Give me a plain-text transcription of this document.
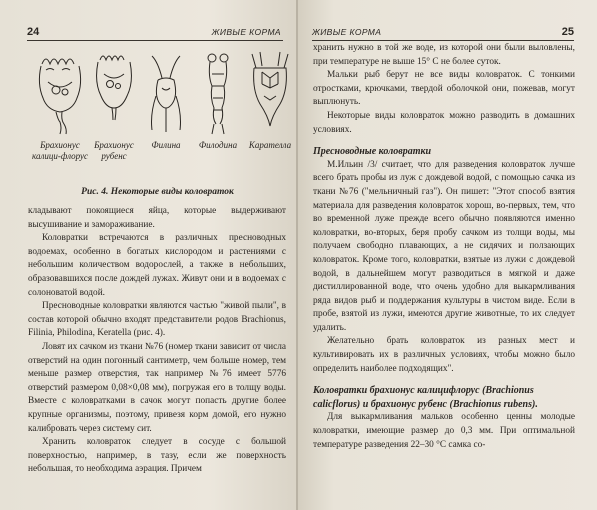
24	ЖИВЫЕ КОРМА
Брахионус калици-флорус
Брахионус рубенс
Филина	Филодина	Карателла
Рис. 4. Некоторые виды коловраток

кладывают покоящиеся яйца, которые выдерживают высушивание и замораживание.

Коловратки встречаются в различных пресноводных водоемах, особенно в богатых кислородом и растениями с небольшим количеством водорослей, а также в небольших, образовавшихся после дождей лужах. Живут они и в водоемах с солоноватой водой.

Пресноводные коловратки являются частью "живой пыли", в состав которой обычно входят представители родов Brachionus, Filinia, Philodina, Keratella (рис. 4).

Ловят их сачком из ткани №76 (номер ткани зависит от числа отверстий на один погонный сантиметр, чем больше номер, тем меньше размер отверстия, так например №76 имеет 5776 отверстий размером 0,08×0,08 мм), погружая его в толщу воды. Вместе с коловратками в сачок могут попасть другие более крупные организмы, поэтому, привезя корм домой, его нужно калибровать через систему сит.

Хранить коловраток следует в сосуде с большой поверхностью, например, в тазу, если же поверхность небольшая, то необходима аэрация. Причем

ЖИВЫЕ КОРМА	25

хранить нужно в той же воде, из которой они были выловлены, при температуре не выше 15° С не более суток.

Мальки рыб берут не все виды коловраток. С тонкими отростками, крючками, твердой оболочкой они, пожевав, могут выплюнуть.

Некоторые виды коловраток можно разводить в домашних условиях.

Пресноводные коловратки

М.Ильин /3/ считает, что для разведения коловраток лучше всего брать пробы из луж с дождевой водой, с помощью сачка из ткани №76 ("мельничный газ"). Он пишет: "Этот способ взятия материала для разведения коловраток хорош, во-первых, тем, что во временной луже прежде всего обычно появляются именно коловратки, во-вторых, беря пробу сачком из толщи воды, мы получаем свободно плавающих, а не сидячих и ползающих коловраток. Кроме того, коловратки, взятые из лужи с дождевой водой, в дальнейшем могут разводиться в мягкой и даже дистиллированной воде, что очень удобно для выкармливания ряда видов рыб и поддержания культуры в чистом виде. Если в пробе, взятой из лужи, имеются другие животные, то их следует удалить.

Желательно брать коловраток из разных мест и культивировать их в различных условиях, чтобы можно было определить наиболее подходящих".

Коловратки брахионус калицифлорус (Brachionus calicflorus) и брахионус рубенс (Brachionus rubens).

Для выкармливания мальков особенно ценны молодые коловратки, имеющие размер до 0,3 мм. При оптимальной температуре разведения 22–30 °С самка со-
